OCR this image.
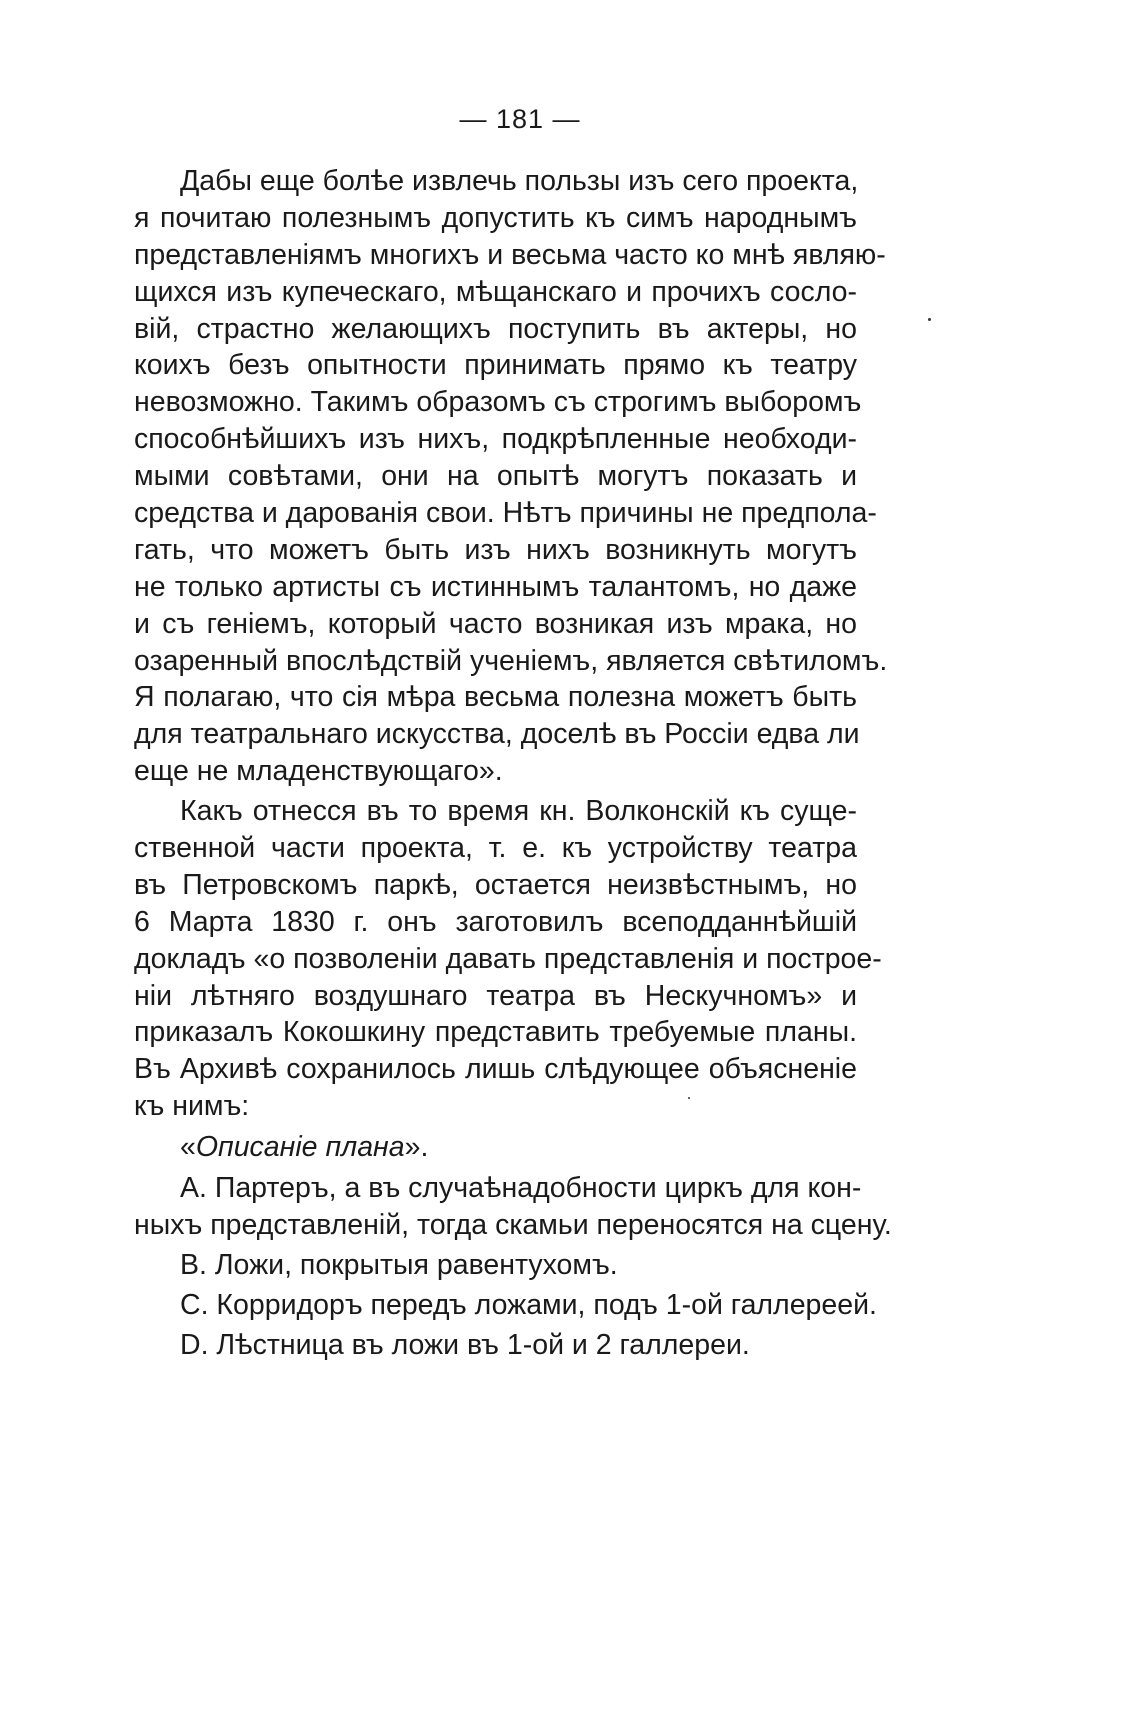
— 181 —
Дабы еще болѣе извлечь пользы изъ сего проекта,
я почитаю полезнымъ допустить къ симъ народнымъ
представленіямъ многихъ и весьма часто ко мнѣ являю-
щихся изъ купеческаго, мѣщанскаго и прочихъ сосло-
вій, страстно желающихъ поступить въ актеры, но
коихъ безъ опытности принимать прямо къ театру
невозможно. Такимъ образомъ съ строгимъ выборомъ
способнѣйшихъ изъ нихъ, подкрѣпленные необходи-
мыми совѣтами, они на опытѣ могутъ показать и
средства и дарованія свои. Нѣтъ причины не предпола-
гать, что можетъ быть изъ нихъ возникнуть могутъ
не только артисты съ истиннымъ талантомъ, но даже
и съ геніемъ, который часто возникая изъ мрака, но
озаренный впослѣдствій ученіемъ, является свѣтиломъ.
Я полагаю, что сія мѣра весьма полезна можетъ быть
для театральнаго искусства, доселѣ въ Россіи едва ли
еще не младенствующаго».
Какъ отнесся въ то время кн. Волконскій къ суще-
ственной части проекта, т. е. къ устройству театра
въ Петровскомъ паркѣ, остается неизвѣстнымъ, но
6 Марта 1830 г. онъ заготовилъ всеподданнѣйшій
докладъ «о позволеніи давать представленія и построе-
ніи лѣтняго воздушнаго театра въ Нескучномъ» и
приказалъ Кокошкину представить требуемые планы.
Въ Архивѣ сохранилось лишь слѣдующее объясненіе
къ нимъ:
«Описаніе плана».
А. Партеръ, а въ случаѣнадобности циркъ для кон-
ныхъ представленій, тогда скамьи переносятся на сцену.
В. Ложи, покрытыя равентухомъ.
С. Корридоръ передъ ложами, подъ 1-ой галлереей.
D. Лѣстница въ ложи въ 1-ой и 2 галлереи.
